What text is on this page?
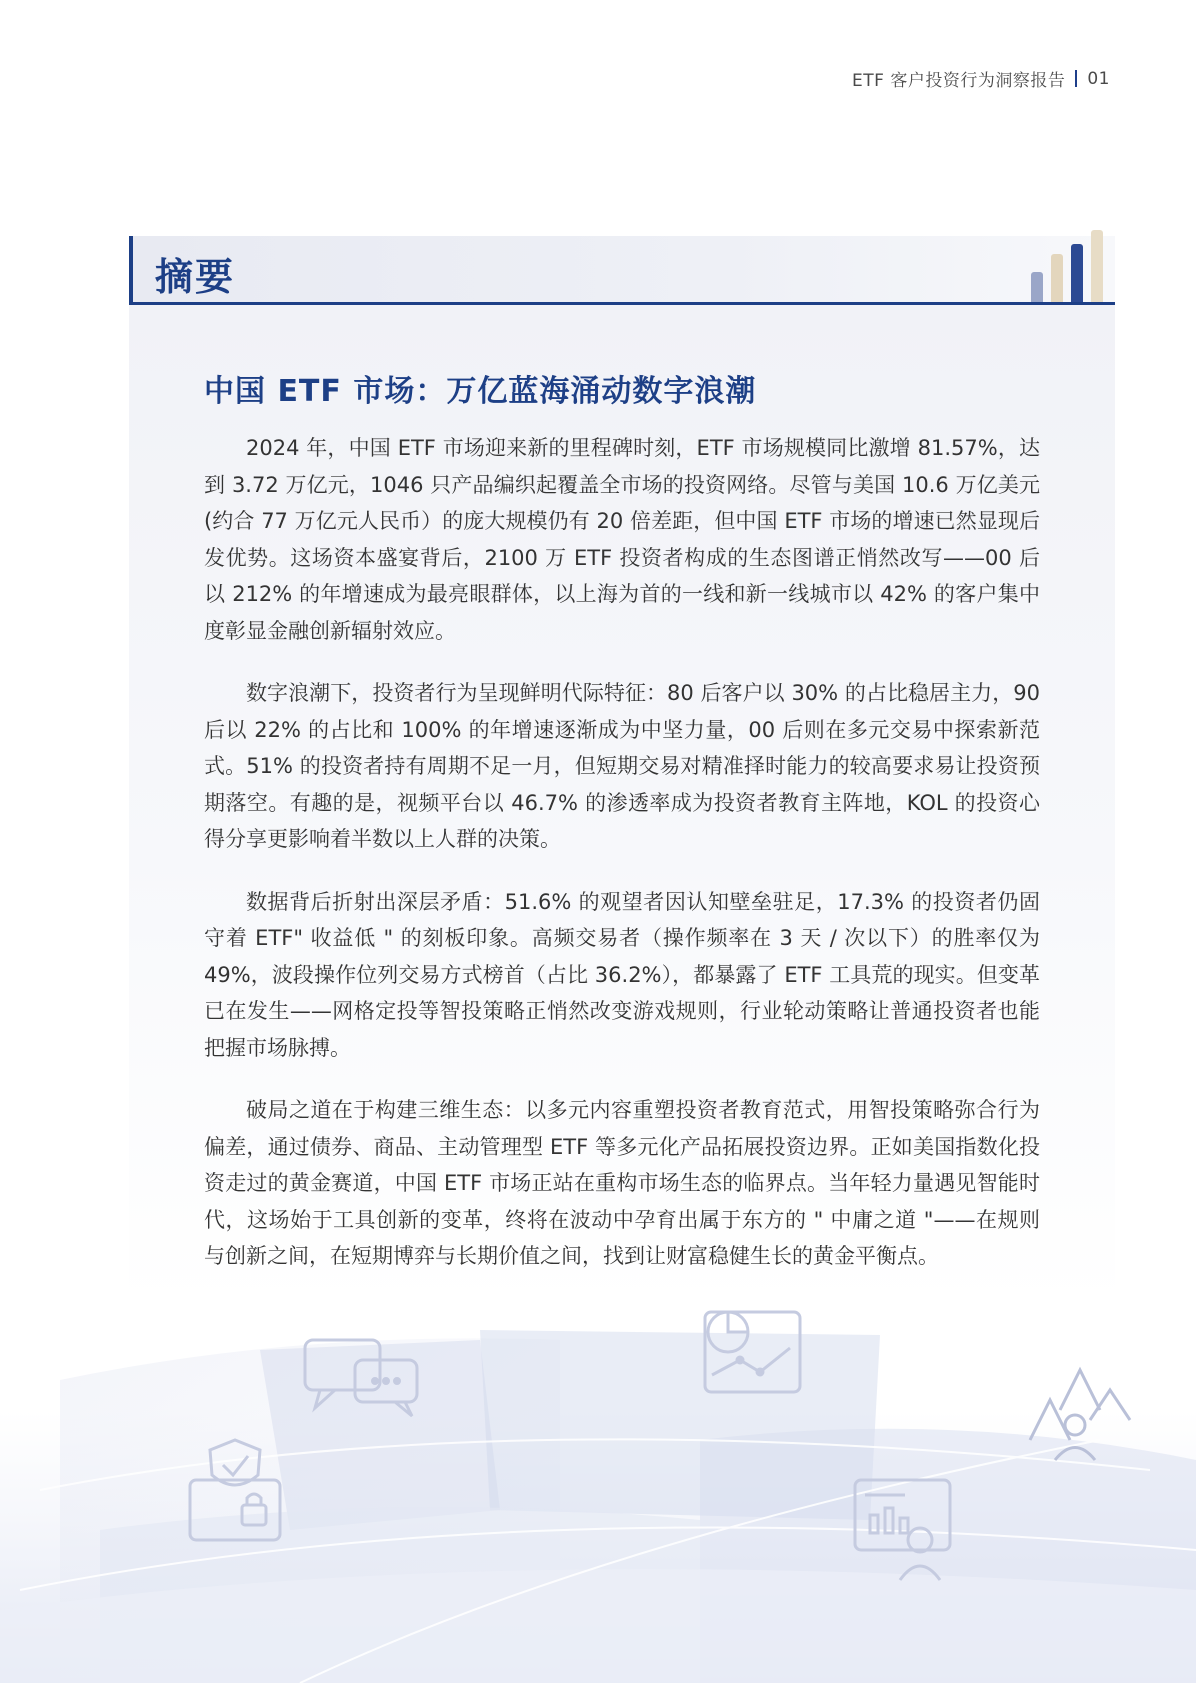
ETF 客户投资行为洞察报告 01
摘要
中国 ETF 市场：万亿蓝海涌动数字浪潮

2024 年，中国 ETF 市场迎来新的里程碑时刻，ETF 市场规模同比激增 81.57%，达到 3.72 万亿元，1046 只产品编织起覆盖全市场的投资网络。尽管与美国 10.6 万亿美元(约合 77 万亿元人民币）的庞大规模仍有 20 倍差距，但中国 ETF 市场的增速已然显现后发优势。这场资本盛宴背后，2100 万 ETF 投资者构成的生态图谱正悄然改写——00 后以 212% 的年增速成为最亮眼群体，以上海为首的一线和新一线城市以 42% 的客户集中度彰显金融创新辐射效应。

数字浪潮下，投资者行为呈现鲜明代际特征：80 后客户以 30% 的占比稳居主力，90 后以 22% 的占比和 100% 的年增速逐渐成为中坚力量，00 后则在多元交易中探索新范式。51% 的投资者持有周期不足一月，但短期交易对精准择时能力的较高要求易让投资预期落空。有趣的是，视频平台以 46.7% 的渗透率成为投资者教育主阵地，KOL 的投资心得分享更影响着半数以上人群的决策。

数据背后折射出深层矛盾：51.6% 的观望者因认知壁垒驻足，17.3% 的投资者仍固守着 ETF" 收益低 " 的刻板印象。高频交易者（操作频率在 3 天 / 次以下）的胜率仅为 49%，波段操作位列交易方式榜首（占比 36.2%），都暴露了 ETF 工具荒的现实。但变革已在发生——网格定投等智投策略正悄然改变游戏规则，行业轮动策略让普通投资者也能把握市场脉搏。

破局之道在于构建三维生态：以多元内容重塑投资者教育范式，用智投策略弥合行为偏差，通过债券、商品、主动管理型 ETF 等多元化产品拓展投资边界。正如美国指数化投资走过的黄金赛道，中国 ETF 市场正站在重构市场生态的临界点。当年轻力量遇见智能时代，这场始于工具创新的变革，终将在波动中孕育出属于东方的 " 中庸之道 "——在规则与创新之间，在短期博弈与长期价值之间，找到让财富稳健生长的黄金平衡点。
